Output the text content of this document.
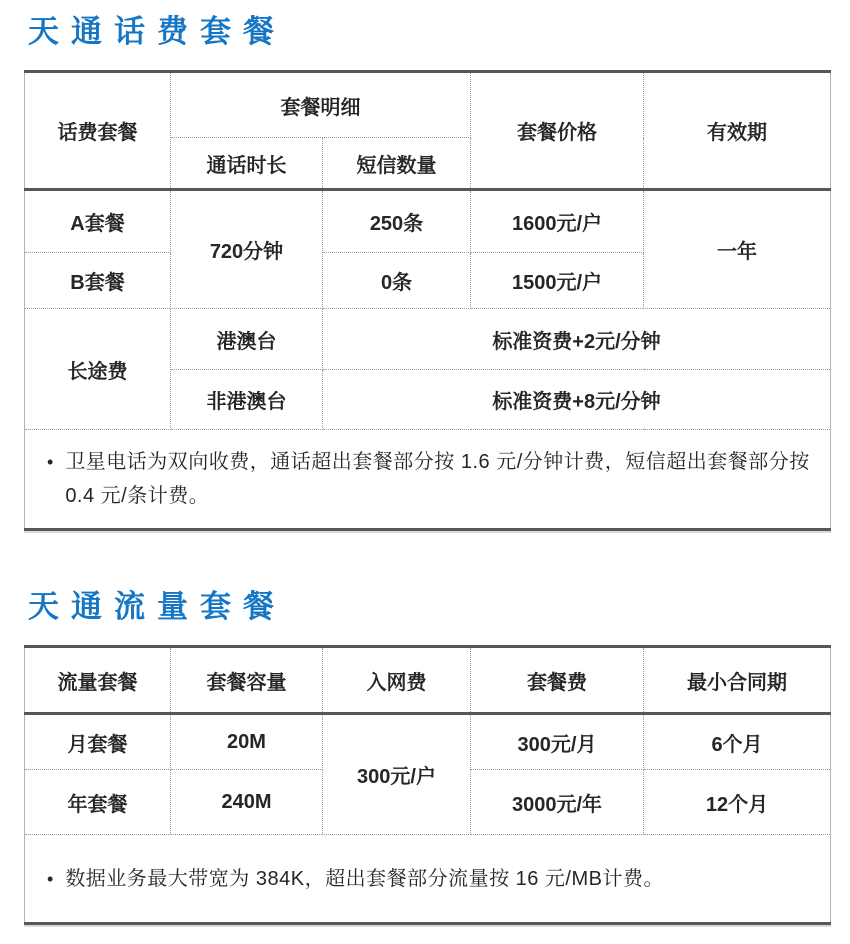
天通话费套餐
话费套餐	套餐明细		套餐价格	有效期
	通话时长	短信数量		
A套餐	720分钟	250条	1600元/户	一年
B套餐		0条	1500元/户	
长途费	港澳台	标准资费+2元/分钟		
	非港澳台	标准资费+8元/分钟		

• 卫星电话为双向收费，通话超出套餐部分按 1.6 元/分钟计费，短信超出套餐部分按 0.4 元/条计费。				
天通流量套餐
流量套餐	套餐容量	入网费	套餐费	最小合同期
月套餐	20M	300元/户	300元/月	6个月
年套餐	240M		3000元/年	12个月

• 数据业务最大带宽为 384K，超出套餐部分流量按 16 元/MB计费。				
